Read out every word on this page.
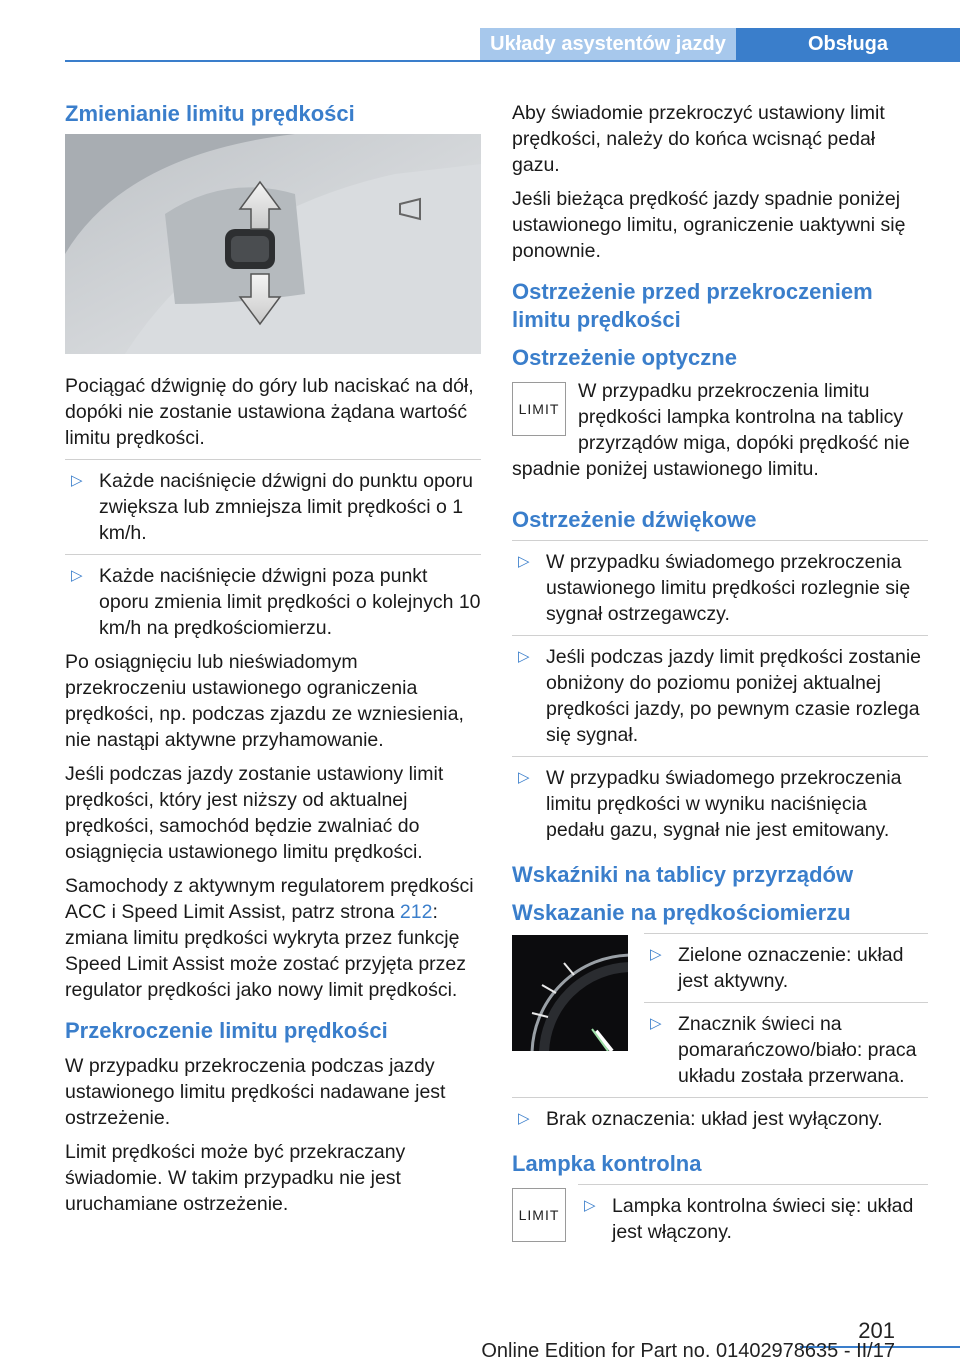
Układy asystentów jazdy	Obsługa
Zmienianie limitu prędkości

Pociągać dźwignię do góry lub naciskać na dół, dopóki nie zostanie ustawiona żądana wartość limitu prędkości.

▷ Każde naciśnięcie dźwigni do punktu oporu zwiększa lub zmniejsza limit prędkości o 1 km/h.
▷ Każde naciśnięcie dźwigni poza punkt oporu zmienia limit prędkości o kolejnych 10 km/h na prędkościomierzu.

Po osiągnięciu lub nieświadomym przekroczeniu ustawionego ograniczenia prędkości, np. podczas zjazdu ze wzniesienia, nie nastąpi aktywne przyhamowanie.

Jeśli podczas jazdy zostanie ustawiony limit prędkości, który jest niższy od aktualnej prędkości, samochód będzie zwalniać do osiągnięcia ustawionego limitu prędkości.

Samochody z aktywnym regulatorem prędkości ACC i Speed Limit Assist, patrz strona 212: zmiana limitu prędkości wykryta przez funkcję Speed Limit Assist może zostać przyjęta przez regulator prędkości jako nowy limit prędkości.

Przekroczenie limitu prędkości

W przypadku przekroczenia podczas jazdy ustawionego limitu prędkości nadawane jest ostrzeżenie.

Limit prędkości może być przekraczany świadomie. W takim przypadku nie jest uruchamiane ostrzeżenie.

Aby świadomie przekroczyć ustawiony limit prędkości, należy do końca wcisnąć pedał gazu.

Jeśli bieżąca prędkość jazdy spadnie poniżej ustawionego limitu, ograniczenie uaktywni się ponownie.

Ostrzeżenie przed przekroczeniem limitu prędkości
Ostrzeżenie optyczne
LIMIT

W przypadku przekroczenia limitu prędkości lampka kontrolna na tablicy przyrządów miga, dopóki prędkość nie spadnie poniżej ustawionego limitu.

Ostrzeżenie dźwiękowe
▷ W przypadku świadomego przekroczenia ustawionego limitu prędkości rozlegnie się sygnał ostrzegawczy.
▷ Jeśli podczas jazdy limit prędkości zostanie obniżony do poziomu poniżej aktualnej prędkości jazdy, po pewnym czasie rozlega się sygnał.
▷ W przypadku świadomego przekroczenia limitu prędkości w wyniku naciśnięcia pedału gazu, sygnał nie jest emitowany.
Wskaźniki na tablicy przyrządów
Wskazanie na prędkościomierzu
▷ Zielone oznaczenie: układ jest aktywny.
▷ Znacznik świeci na pomarańczowo/biało: praca układu została przerwana.
▷ Brak oznaczenia: układ jest wyłączony.
Lampka kontrolna
LIMIT
▷ Lampka kontrolna świeci się: układ jest włączony.
201
Online Edition for Part no. 01402978635 - II/17
